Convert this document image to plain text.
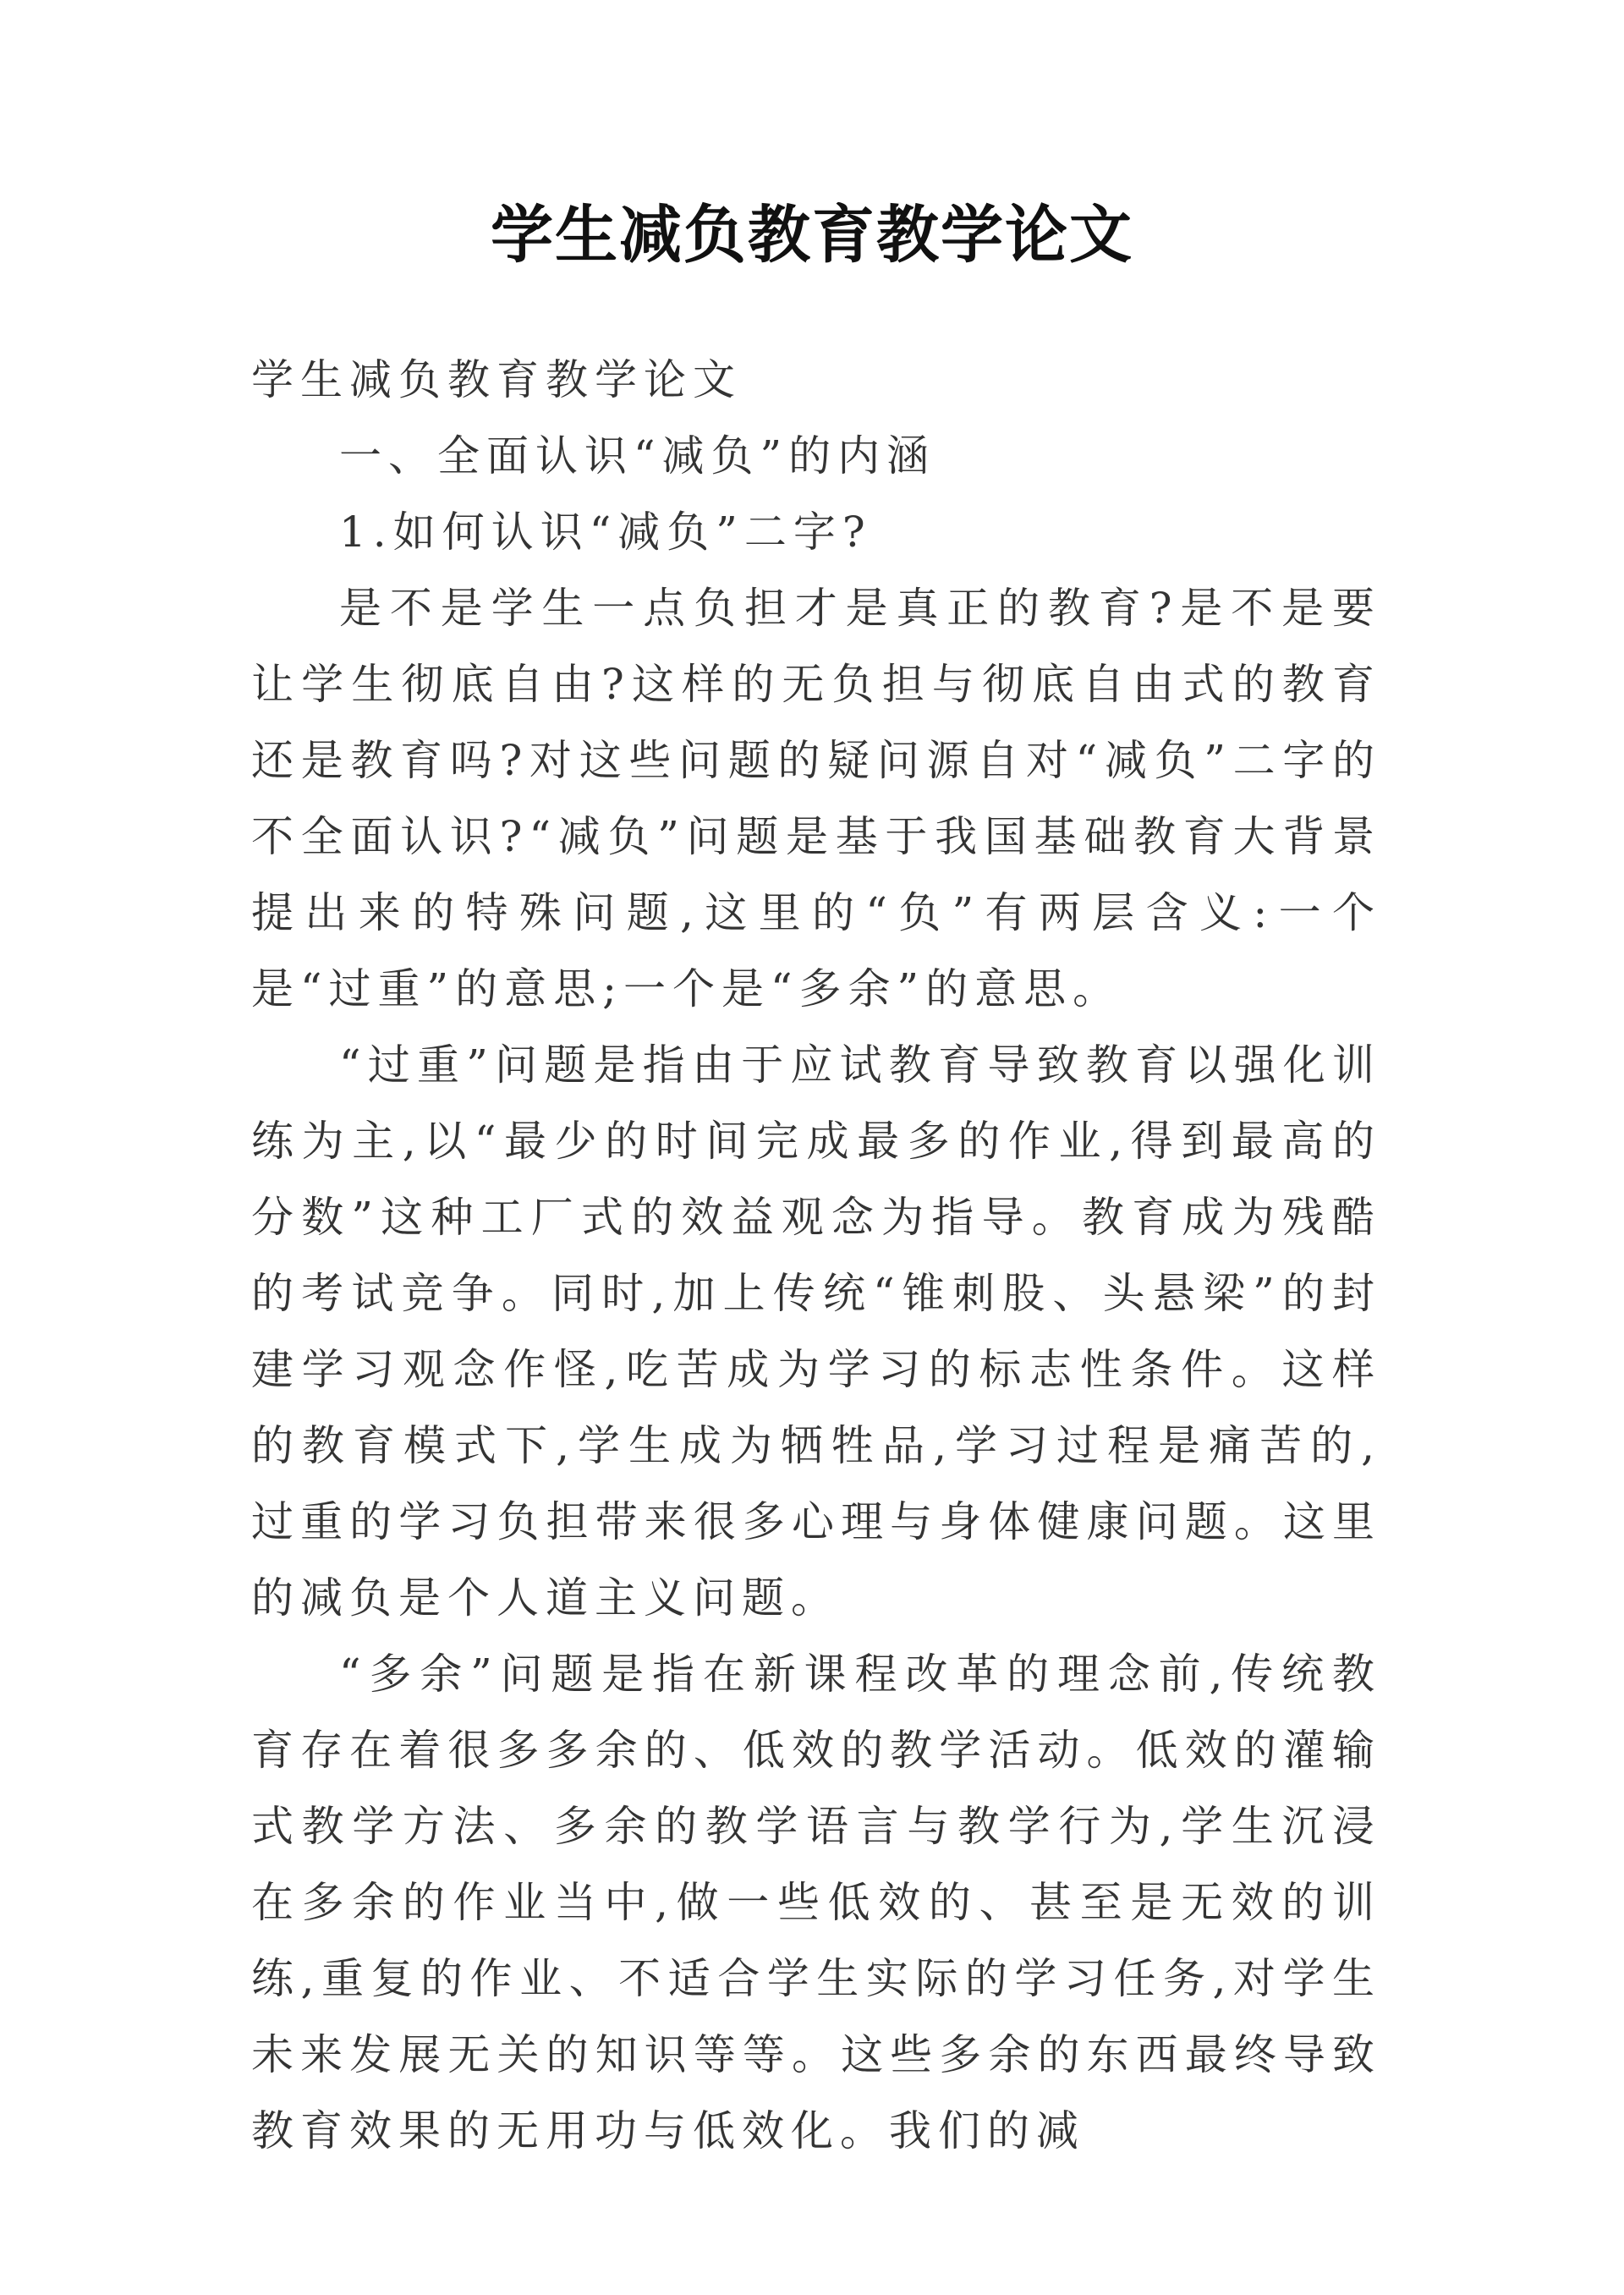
学生减负教育教学论文

学生减负教育教学论文

一、全面认识“减负”的内涵

1.如何认识“减负”二字?

是不是学生一点负担才是真正的教育?是不是要让学生彻底自由?这样的无负担与彻底自由式的教育还是教育吗?对这些问题的疑问源自对“减负”二字的不全面认识?“减负”问题是基于我国基础教育大背景提出来的特殊问题,这里的“负”有两层含义:一个是“过重”的意思;一个是“多余”的意思。

“过重”问题是指由于应试教育导致教育以强化训练为主,以“最少的时间完成最多的作业,得到最高的分数”这种工厂式的效益观念为指导。教育成为残酷的考试竞争。同时,加上传统“锥刺股、头悬梁”的封建学习观念作怪,吃苦成为学习的标志性条件。这样的教育模式下,学生成为牺牲品,学习过程是痛苦的,过重的学习负担带来很多心理与身体健康问题。这里的减负是个人道主义问题。

“多余”问题是指在新课程改革的理念前,传统教育存在着很多多余的、低效的教学活动。低效的灌输式教学方法、多余的教学语言与教学行为,学生沉浸在多余的作业当中,做一些低效的、甚至是无效的训练,重复的作业、不适合学生实际的学习任务,对学生未来发展无关的知识等等。这些多余的东西最终导致教育效果的无用功与低效化。我们的减
